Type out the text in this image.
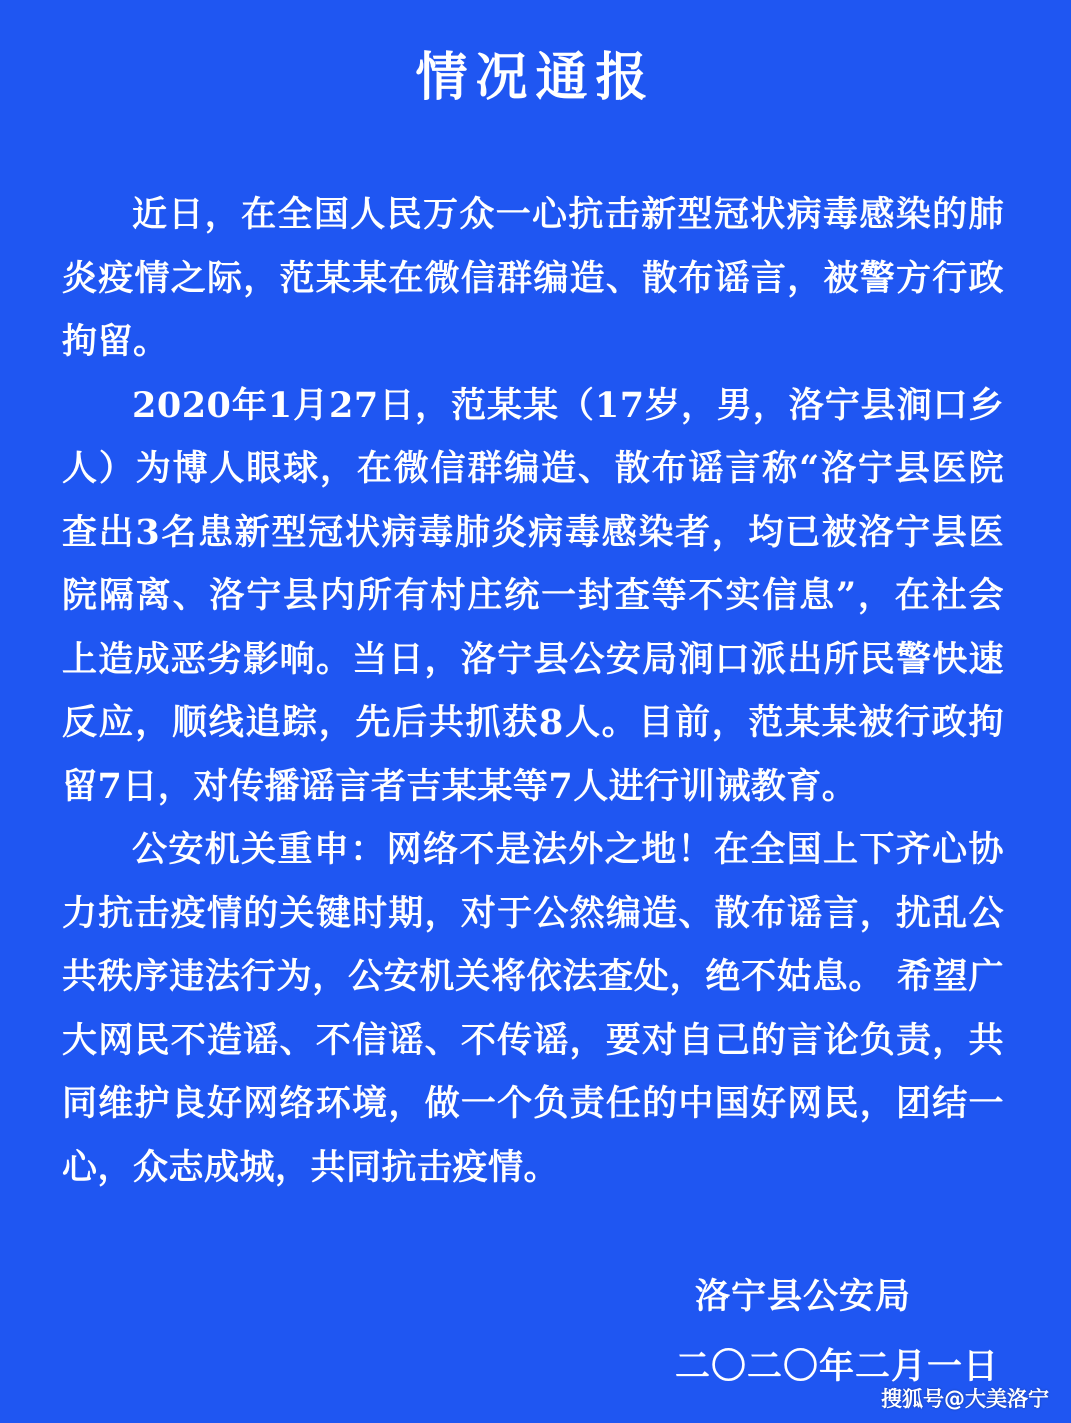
情况通报

近日，在全国人民万众一心抗击新型冠状病毒感染的肺炎疫情之际，范某某在微信群编造、散布谣言，被警方行政拘留。

2020年1月27日，范某某（17岁，男，洛宁县涧口乡人）为博人眼球，在微信群编造、散布谣言称“洛宁县医院查出3名患新型冠状病毒肺炎病毒感染者，均已被洛宁县医院隔离、洛宁县内所有村庄统一封查等不实信息”，在社会上造成恶劣影响。当日，洛宁县公安局涧口派出所民警快速反应，顺线追踪，先后共抓获8人。目前，范某某被行政拘留7日，对传播谣言者吉某某等7人进行训诫教育。

公安机关重申：网络不是法外之地！在全国上下齐心协力抗击疫情的关键时期，对于公然编造、散布谣言，扰乱公共秩序违法行为，公安机关将依法查处，绝不姑息。 希望广大网民不造谣、不信谣、不传谣，要对自己的言论负责，共同维护良好网络环境，做一个负责任的中国好网民，团结一心，众志成城，共同抗击疫情。

洛宁县公安局
二〇二〇年二月一日
搜狐号@大美洛宁
